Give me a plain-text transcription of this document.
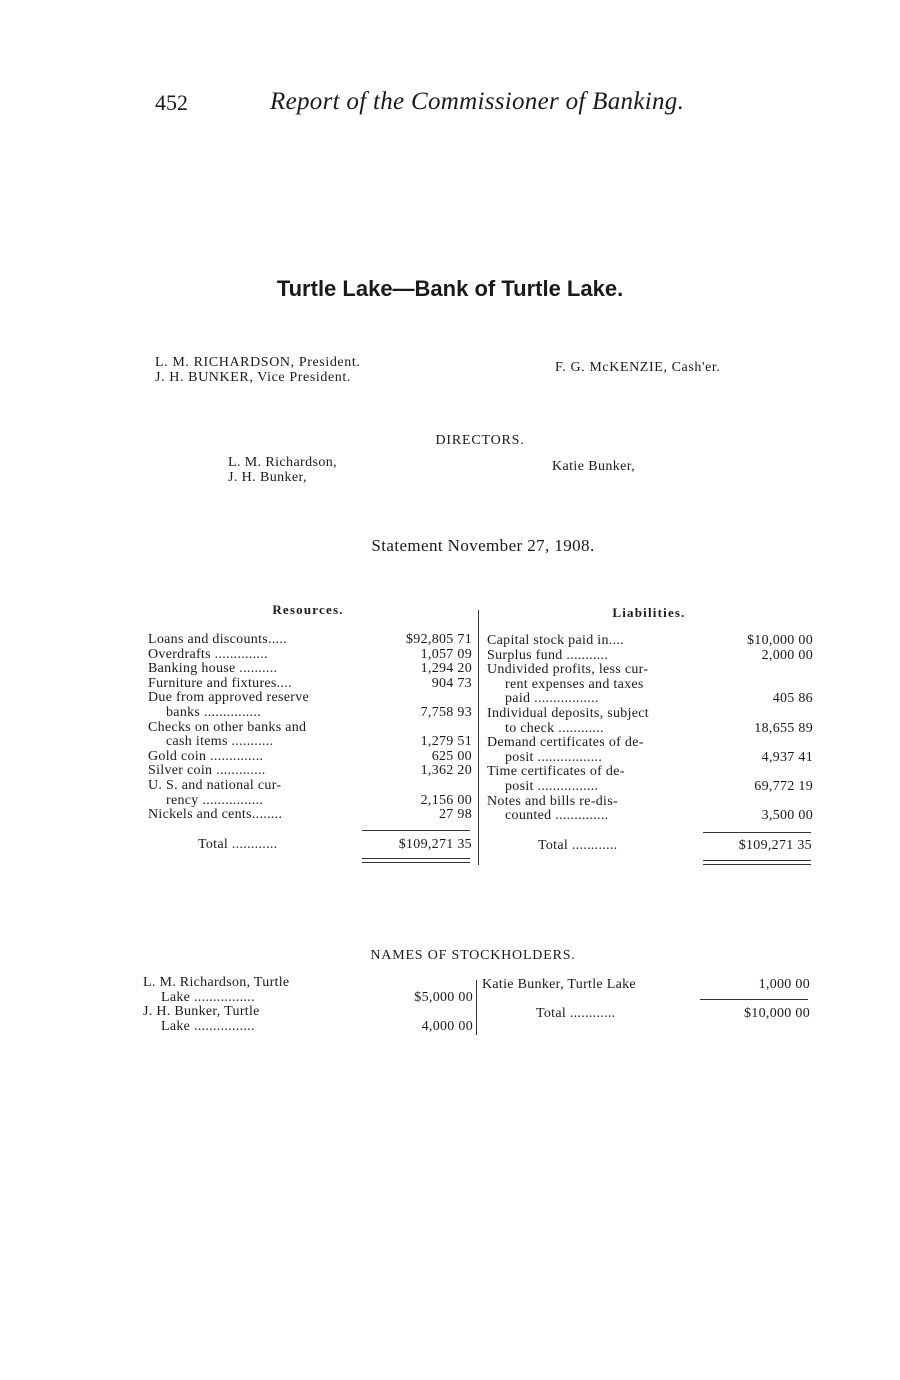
452	Report of the Commissioner of Banking.
Turtle Lake—Bank of Turtle Lake.
L. M. RICHARDSON, President.
J. H. BUNKER, Vice President.
F. G. McKENZIE, Cash'er.
DIRECTORS.
L. M. Richardson,
J. H. Bunker,
Katie Bunker,
Statement November 27, 1908.
Resources.	Liabilities.
Loans and discounts.....	$92,805 71
Overdrafts ..............	1,057 09
Banking house ..........	1,294 20
Furniture and fixtures....	904 73
Due from approved reserve
banks ...............	7,758 93
Checks on other banks and
cash items ...........	1,279 51
Gold coin ..............	625 00
Silver coin .............	1,362 20
U. S. and national cur-
rency ................	2,156 00
Nickels and cents........	27 98
Total ............	$109,271 35
Capital stock paid in....	$10,000 00
Surplus fund ...........	2,000 00
Undivided profits, less cur-
rent expenses and taxes
paid .................	405 86
Individual deposits, subject
to check ............	18,655 89
Demand certificates of de-
posit .................	4,937 41
Time certificates of de-
posit ................	69,772 19
Notes and bills re-dis-
counted ..............	3,500 00
Total ............	$109,271 35
NAMES OF STOCKHOLDERS.
L. M. Richardson, Turtle
Lake ................	$5,000 00
J. H. Bunker, Turtle
Lake ................	4,000 00
Katie Bunker, Turtle Lake	1,000 00
Total ............	$10,000 00
